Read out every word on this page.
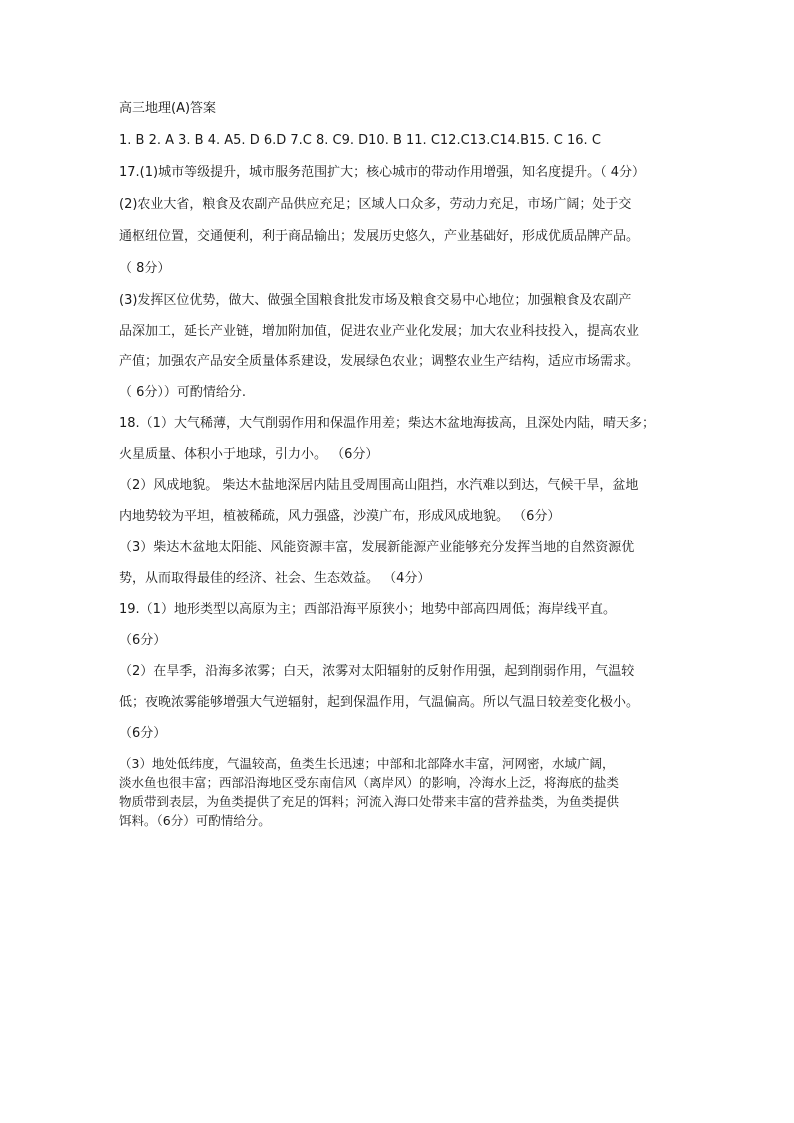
高三地理(A)答案
1. B 2. A 3. B 4. A5. D 6.D 7.C 8. C9. D10. B 11. C12.C13.C14.B15. C 16. C
17.(1)城市等级提升，城市服务范围扩大；核心城市的带动作用增强，知名度提升。（ 4分）
(2)农业大省，粮食及农副产品供应充足；区域人口众多，劳动力充足，市场广阔；处于交
通枢纽位置，交通便利，利于商品输出；发展历史悠久，产业基础好，形成优质品牌产品。
（ 8分）
(3)发挥区位优势，做大、做强全国粮食批发市场及粮食交易中心地位；加强粮食及农副产
品深加工，延长产业链，增加附加值，促进农业产业化发展；加大农业科技投入，提高农业
产值；加强农产品安全质量体系建设，发展绿色农业；调整农业生产结构，适应市场需求。
（ 6分））可酌情给分.
18.（1）大气稀薄，大气削弱作用和保温作用差；柴达木盆地海拔高，且深处内陆，晴天多；
火星质量、体积小于地球，引力小。 （6分）
（2）风成地貌。 柴达木盐地深居内陆且受周围高山阻挡，水汽难以到达，气候干旱，盆地
内地势较为平坦，植被稀疏，风力强盛，沙漠广布，形成风成地貌。 （6分）
（3）柴达木盆地太阳能、风能资源丰富，发展新能源产业能够充分发挥当地的自然资源优
势，从而取得最佳的经济、社会、生态效益。 （4分）
19.（1）地形类型以高原为主；西部沿海平原狭小；地势中部高四周低；海岸线平直。
（6分）
（2）在旱季，沿海多浓雾；白天，浓雾对太阳辐射的反射作用强，起到削弱作用，气温较
低；夜晚浓雾能够增强大气逆辐射，起到保温作用，气温偏高。所以气温日较差变化极小。
（6分）
（3）地处低纬度，气温较高，鱼类生长迅速；中部和北部降水丰富，河网密，水域广阔，
淡水鱼也很丰富；西部沿海地区受东南信风（离岸风）的影响，冷海水上泛，将海底的盐类
物质带到表层，为鱼类提供了充足的饵料；河流入海口处带来丰富的营养盐类，为鱼类提供
饵料。（6分）可酌情给分。
